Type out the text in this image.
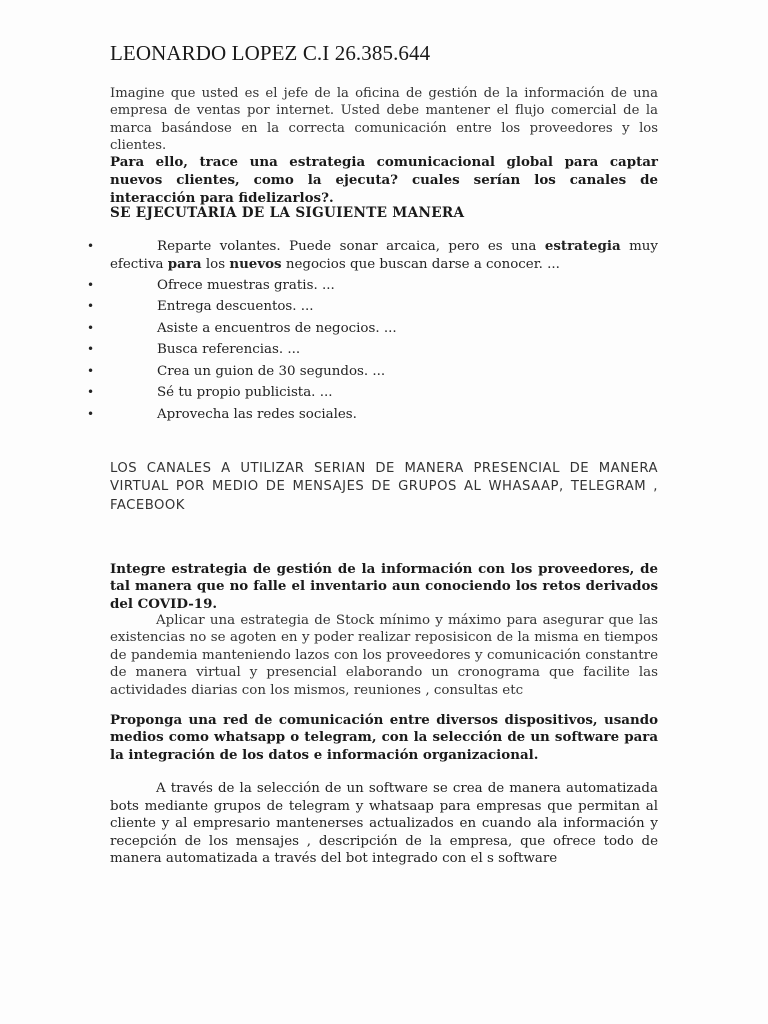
LEONARDO LOPEZ C.I 26.385.644
Imagine que usted es el jefe de la oficina de gestión de la información de una empresa de ventas por internet. Usted debe mantener el flujo comercial de la marca basándose en la correcta comunicación entre los proveedores y los clientes.
Para ello, trace una estrategia comunicacional global para captar nuevos clientes, como la ejecuta? cuales serían los canales de interacción para fidelizarlos?.
SE EJECUTARIA DE LA SIGUIENTE MANERA
•	Reparte volantes. Puede sonar arcaica, pero es una estrategia muy
efectiva para los nuevos negocios que buscan darse a conocer. ...
•	Ofrece muestras gratis. ...
•	Entrega descuentos. ...
•	Asiste a encuentros de negocios. ...
•	Busca referencias. ...
•	Crea un guion de 30 segundos. ...
•	Sé tu propio publicista. ...
•	Aprovecha las redes sociales.
LOS CANALES A UTILIZAR SERIAN DE MANERA PRESENCIAL DE MANERA VIRTUAL POR MEDIO DE MENSAJES DE GRUPOS AL WHASAAP, TELEGRAM , FACEBOOK
Integre estrategia de gestión de la información con los proveedores, de tal manera que no falle el inventario aun conociendo los retos derivados del COVID-19.
Aplicar una estrategia de Stock mínimo y máximo para asegurar que las existencias no se agoten en y poder realizar reposisicon de la misma en tiempos de pandemia manteniendo lazos con los proveedores y comunicación constantre de manera virtual y presencial elaborando un cronograma que facilite las actividades diarias con los mismos, reuniones , consultas etc
Proponga una red de comunicación entre diversos dispositivos, usando medios como whatsapp o telegram, con la selección de un software para la integración de los datos e información organizacional.
A través de la selección de un software se crea de manera automatizada bots mediante grupos de telegram y whatsaap para empresas que permitan al cliente y al empresario mantenerses actualizados en cuando ala información y recepción de los mensajes , descripción de la empresa, que ofrece todo de manera automatizada a través del bot integrado con el s software
